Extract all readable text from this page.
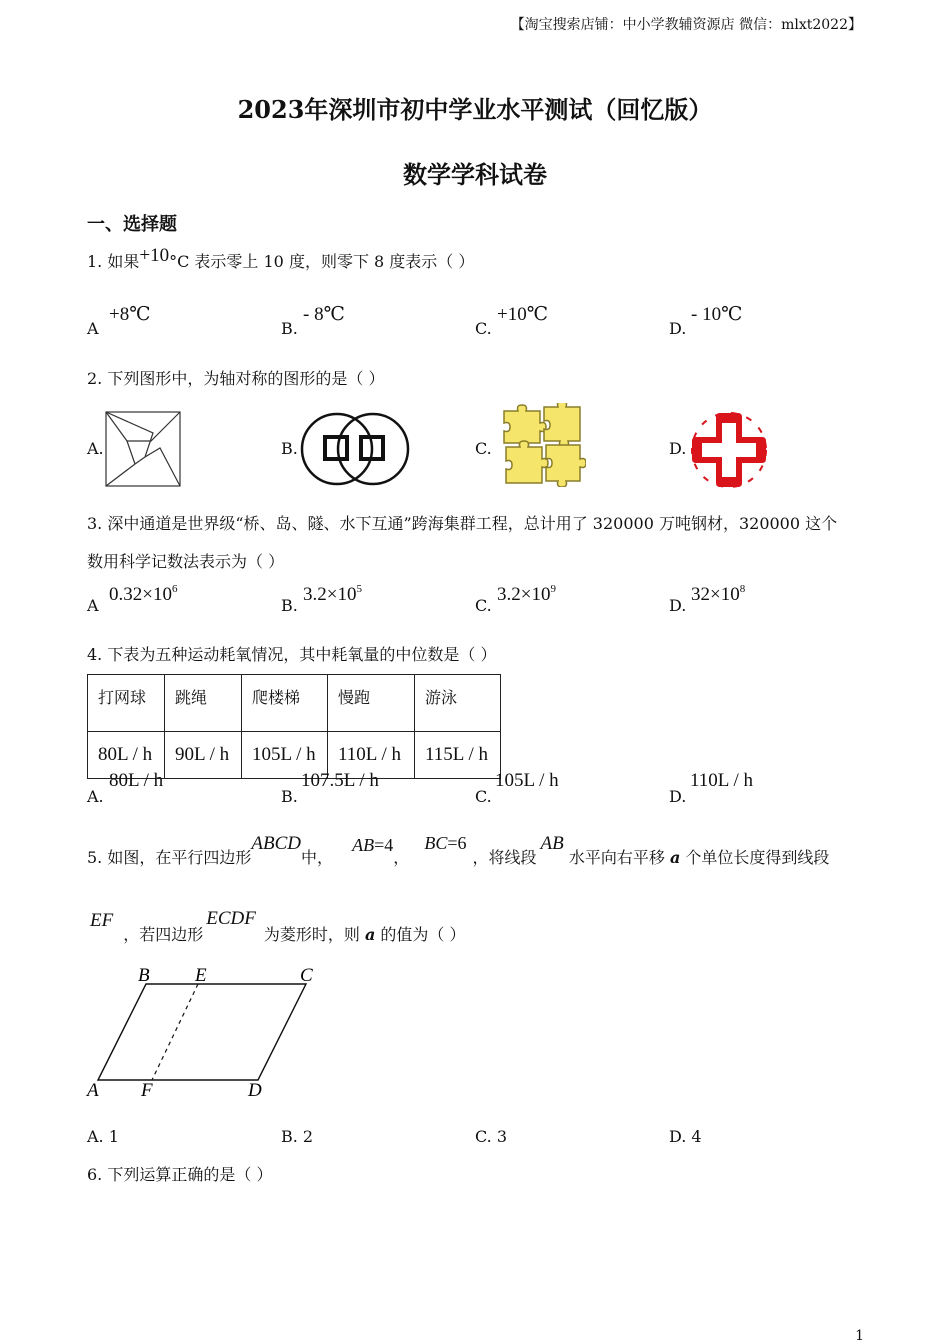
【淘宝搜索店铺：中小学教辅资源店 微信：mlxt2022】
2023年深圳市初中学业水平测试（回忆版）
数学学科试卷
一、选择题
1. 如果+10°C 表示零上 10 度，则零下 8 度表示（ ）
A
+8℃
B.
- 8℃
C.
+10℃
D.
- 10℃
2. 下列图形中，为轴对称的图形的是（ ）
A.	B.	C.	D.
3. 深中通道是世界级“桥、岛、隧、水下互通”跨海集群工程，总计用了 320000 万吨钢材，320000 这个
数用科学记数法表示为（ ）
A
$0.32\times 10^6$
B.
$3.2\times 10^5$
C.
$3.2\times 10^9$
D.
$32\times 10^8$
4. 下表为五种运动耗氧情况，其中耗氧量的中位数是（ ）
打网球	跳绳	爬楼梯	慢跑	游泳
80L / h	90L / h	105L / h	110L / h	115L / h
A.
80L / h
B.
107.5L / h
C.
105L / h
D.
110L / h
5. 如图，在平行四边形ABCD中， AB=4， BC=6，将线段AB 水平向右平移 a 个单位长度得到线段
EF，若四边形ECDF为菱形时，则 a 的值为（ ）
B E	C
A F	D
A. 1	B. 2	C. 3	D. 4
6. 下列运算正确的是（ ）
1
